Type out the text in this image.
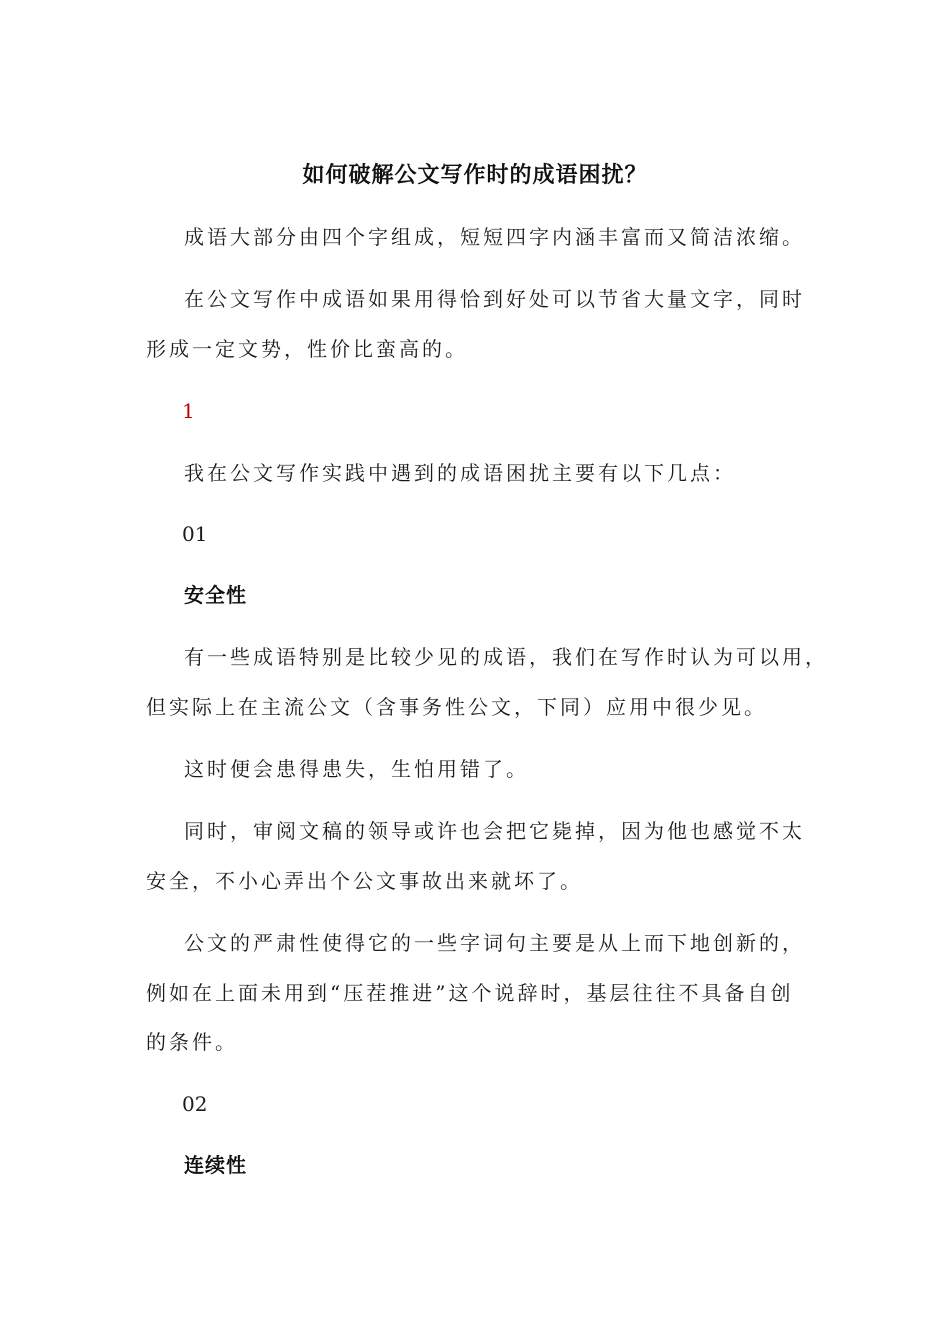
如何破解公文写作时的成语困扰？
成语大部分由四个字组成，短短四字内涵丰富而又简洁浓缩。
在公文写作中成语如果用得恰到好处可以节省大量文字，同时
形成一定文势，性价比蛮高的。
1
我在公文写作实践中遇到的成语困扰主要有以下几点：
01
安全性
有一些成语特别是比较少见的成语，我们在写作时认为可以用，
但实际上在主流公文（含事务性公文，下同）应用中很少见。
这时便会患得患失，生怕用错了。
同时，审阅文稿的领导或许也会把它毙掉，因为他也感觉不太
安全，不小心弄出个公文事故出来就坏了。
公文的严肃性使得它的一些字词句主要是从上而下地创新的，
例如在上面未用到“压茬推进”这个说辞时，基层往往不具备自创
的条件。
02
连续性
